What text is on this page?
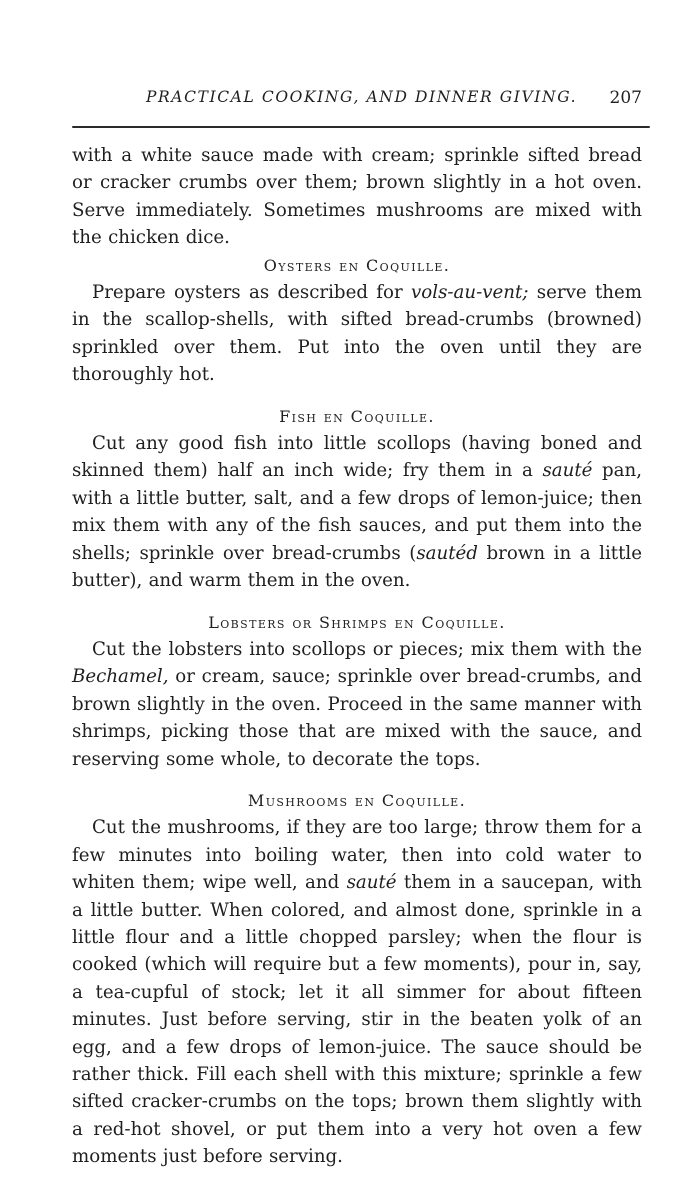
PRACTICAL COOKING, AND DINNER GIVING. 207

with a white sauce made with cream; sprinkle sifted bread or cracker crumbs over them; brown slightly in a hot oven. Serve immediately. Sometimes mushrooms are mixed with the chicken dice.

Oysters en Coquille.

Prepare oysters as described for vols-au-vent; serve them in the scallop-shells, with sifted bread-crumbs (browned) sprinkled over them. Put into the oven until they are thoroughly hot.

Fish en Coquille.

Cut any good fish into little scollops (having boned and skinned them) half an inch wide; fry them in a sauté pan, with a little butter, salt, and a few drops of lemon-juice; then mix them with any of the fish sauces, and put them into the shells; sprinkle over bread-crumbs (sautéd brown in a little butter), and warm them in the oven.

Lobsters or Shrimps en Coquille.

Cut the lobsters into scollops or pieces; mix them with the Bechamel, or cream, sauce; sprinkle over bread-crumbs, and brown slightly in the oven. Proceed in the same manner with shrimps, picking those that are mixed with the sauce, and reserving some whole, to decorate the tops.

Mushrooms en Coquille.

Cut the mushrooms, if they are too large; throw them for a few minutes into boiling water, then into cold water to whiten them; wipe well, and sauté them in a saucepan, with a little butter. When colored, and almost done, sprinkle in a little flour and a little chopped parsley; when the flour is cooked (which will require but a few moments), pour in, say, a tea-cupful of stock; let it all simmer for about fifteen minutes. Just before serving, stir in the beaten yolk of an egg, and a few drops of lemon-juice. The sauce should be rather thick. Fill each shell with this mixture; sprinkle a few sifted cracker-crumbs on the tops; brown them slightly with a red-hot shovel, or put them into a very hot oven a few moments just before serving.
